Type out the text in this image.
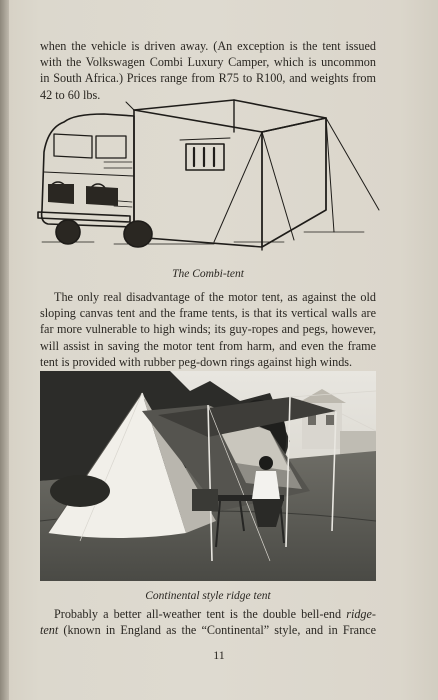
when the vehicle is driven away. (An exception is the tent issued
with the Volkswagen Combi Luxury Camper, which is uncommon
in South Africa.) Prices range from R75 to R100, and weights from
42 to 60 lbs.

The Combi-tent

The only real disadvantage of the motor tent, as against the old
sloping canvas tent and the frame tents, is that its vertical walls are
far more vulnerable to high winds; its guy-ropes and pegs, however,
will assist in saving the motor tent from harm, and even the frame
tent is provided with rubber peg-down rings against high winds.

Continental style ridge tent

Probably a better all-weather tent is the double bell-end ridge-
tent (known in England as the “Continental” style, and in France

11
